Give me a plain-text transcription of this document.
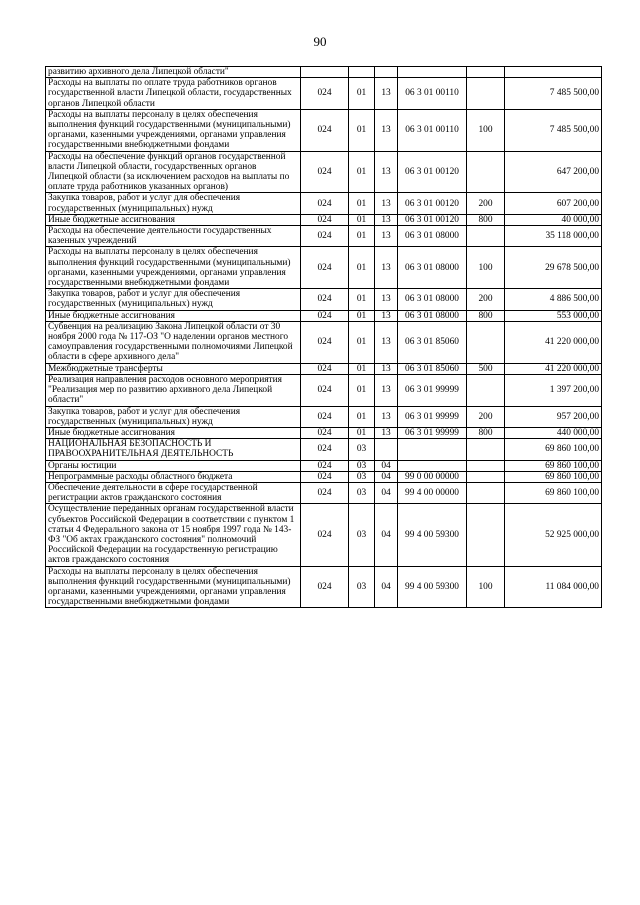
90
развитию архивного дела Липецкой области"						
Расходы на выплаты по оплате труда работников органов государственной власти Липецкой области, государственных органов Липецкой области	024	01	13	06 3 01 00110		7 485 500,00
Расходы на выплаты персоналу в целях обеспечения выполнения функций государственными (муниципальными) органами, казенными учреждениями, органами управления государственными внебюджетными фондами	024	01	13	06 3 01 00110	100	7 485 500,00
Расходы на обеспечение функций органов государственной власти Липецкой области, государственных органов Липецкой области (за исключением расходов на выплаты по оплате труда работников указанных органов)	024	01	13	06 3 01 00120		647 200,00
Закупка товаров, работ и услуг для обеспечения государственных (муниципальных) нужд	024	01	13	06 3 01 00120	200	607 200,00
Иные бюджетные ассигнования	024	01	13	06 3 01 00120	800	40 000,00
Расходы на обеспечение деятельности государственных казенных учреждений	024	01	13	06 3 01 08000		35 118 000,00
Расходы на выплаты персоналу в целях обеспечения выполнения функций государственными (муниципальными) органами, казенными учреждениями, органами управления государственными внебюджетными фондами	024	01	13	06 3 01 08000	100	29 678 500,00
Закупка товаров, работ и услуг для обеспечения государственных (муниципальных) нужд	024	01	13	06 3 01 08000	200	4 886 500,00
Иные бюджетные ассигнования	024	01	13	06 3 01 08000	800	553 000,00
Субвенция на реализацию Закона Липецкой области от 30 ноября 2000 года № 117-ОЗ "О наделении органов местного самоуправления государственными полномочиями Липецкой области в сфере архивного дела"	024	01	13	06 3 01 85060		41 220 000,00
Межбюджетные трансферты	024	01	13	06 3 01 85060	500	41 220 000,00
Реализация направления расходов основного мероприятия "Реализация мер по развитию архивного дела Липецкой области"	024	01	13	06 3 01 99999		1 397 200,00
Закупка товаров, работ и услуг для обеспечения государственных (муниципальных) нужд	024	01	13	06 3 01 99999	200	957 200,00
Иные бюджетные ассигнования	024	01	13	06 3 01 99999	800	440 000,00
НАЦИОНАЛЬНАЯ БЕЗОПАСНОСТЬ И ПРАВООХРАНИТЕЛЬНАЯ ДЕЯТЕЛЬНОСТЬ	024	03				69 860 100,00
Органы юстиции	024	03	04			69 860 100,00
Непрограммные расходы областного бюджета	024	03	04	99 0 00 00000		69 860 100,00
Обеспечение деятельности в сфере государственной регистрации актов гражданского состояния	024	03	04	99 4 00 00000		69 860 100,00
Осуществление переданных органам государственной власти субъектов Российской Федерации в соответствии с пунктом 1 статьи 4 Федерального закона от 15 ноября 1997 года № 143-ФЗ "Об актах гражданского состояния" полномочий Российской Федерации на государственную регистрацию актов гражданского состояния	024	03	04	99 4 00 59300		52 925 000,00
Расходы на выплаты персоналу в целях обеспечения выполнения функций государственными (муниципальными) органами, казенными учреждениями, органами управления государственными внебюджетными фондами	024	03	04	99 4 00 59300	100	11 084 000,00
